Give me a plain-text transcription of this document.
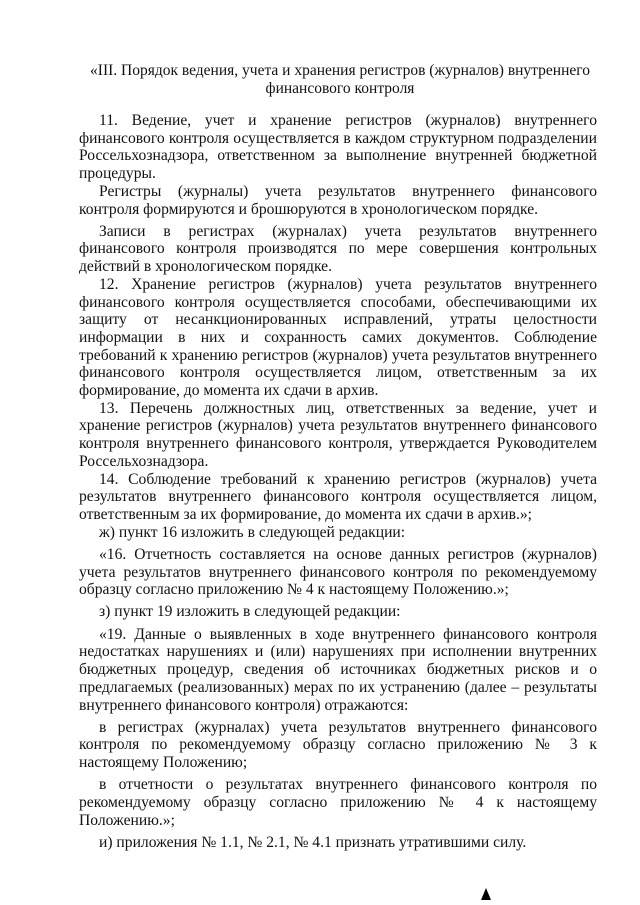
«III. Порядок ведения, учета и хранения регистров (журналов) внутреннего

финансового контроля

11. Ведение, учет и хранение регистров (журналов) внутреннего финансового контроля осуществляется в каждом структурном подразделении Россельхознадзора, ответственном за выполнение внутренней бюджетной процедуры.

Регистры (журналы) учета результатов внутреннего финансового контроля формируются и брошюруются в хронологическом порядке.

Записи в регистрах (журналах) учета результатов внутреннего финансового контроля производятся по мере совершения контрольных действий в хронологическом порядке.

12. Хранение регистров (журналов) учета результатов внутреннего финансового контроля осуществляется способами, обеспечивающими их защиту от несанкционированных исправлений, утраты целостности информации в них и сохранность самих документов. Соблюдение требований к хранению регистров (журналов) учета результатов внутреннего финансового контроля осуществляется лицом, ответственным за их формирование, до момента их сдачи в архив.

13. Перечень должностных лиц, ответственных за ведение, учет и хранение регистров (журналов) учета результатов внутреннего финансового контроля внутреннего финансового контроля, утверждается Руководителем Россельхознадзора.

14. Соблюдение требований к хранению регистров (журналов) учета результатов внутреннего финансового контроля осуществляется лицом, ответственным за их формирование, до момента их сдачи в архив.»;

ж) пункт 16 изложить в следующей редакции:

«16. Отчетность составляется на основе данных регистров (журналов) учета результатов внутреннего финансового контроля по рекомендуемому образцу согласно приложению № 4 к настоящему Положению.»;

з) пункт 19 изложить в следующей редакции:

«19. Данные о выявленных в ходе внутреннего финансового контроля недостатках нарушениях и (или) нарушениях при исполнении внутренних бюджетных процедур, сведения об источниках бюджетных рисков и о предлагаемых (реализованных) мерах по их устранению (далее – результаты внутреннего финансового контроля) отражаются:

в регистрах (журналах) учета результатов внутреннего финансового контроля по рекомендуемому образцу согласно приложению № 3 к настоящему Положению;

в отчетности о результатах внутреннего финансового контроля по рекомендуемому образцу согласно приложению № 4 к настоящему Положению.»;

и) приложения № 1.1, № 2.1, № 4.1 признать утратившими силу.
